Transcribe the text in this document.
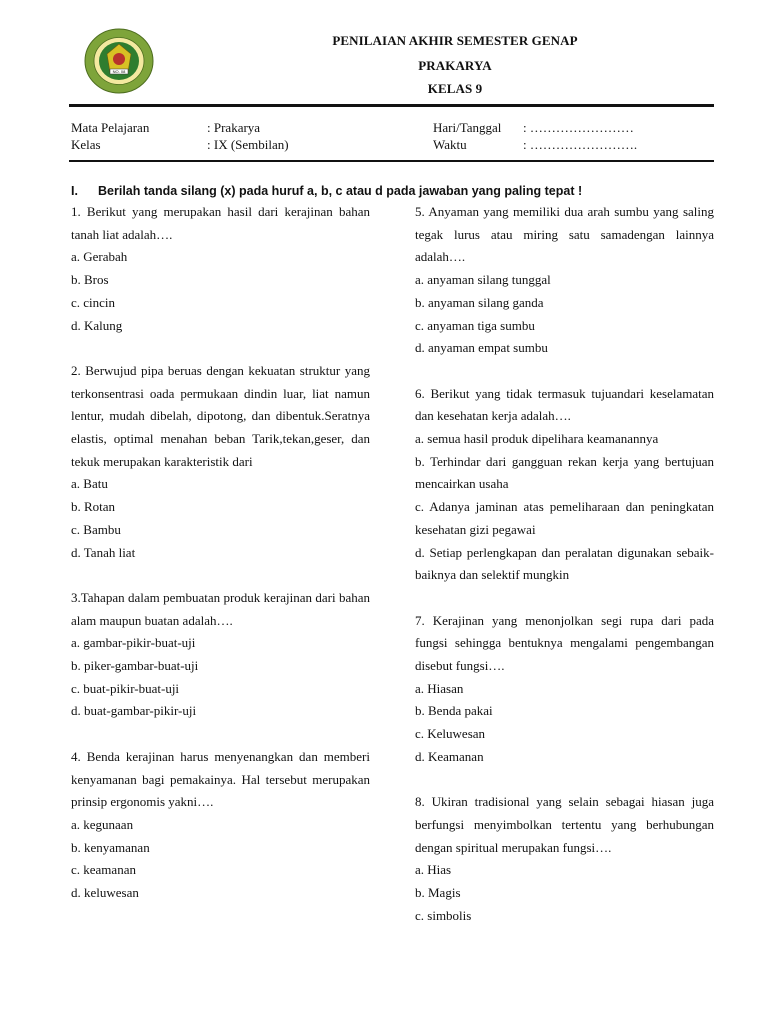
NO. 08
PENILAIAN AKHIR SEMESTER GENAP
PRAKARYA
KELAS 9
Mata Pelajaran	: Prakarya
Kelas	: IX (Sembilan)
Hari/Tanggal : ……………………
Waktu	: …………………….
I. Berilah tanda silang (x) pada huruf a, b, c atau d pada jawaban yang paling tepat !

1. Berikut yang merupakan hasil dari kerajinan bahan tanah liat adalah….

a. Gerabah

b. Bros

c. cincin

d. Kalung

2. Berwujud pipa beruas dengan kekuatan struktur yang terkonsentrasi oada permukaan dindin luar, liat namun lentur, mudah dibelah, dipotong, dan dibentuk.Seratnya elastis, optimal menahan beban Tarik,tekan,geser, dan tekuk merupakan karakteristik dari

a. Batu

b. Rotan

c. Bambu

d. Tanah liat

3.Tahapan dalam pembuatan produk kerajinan dari bahan alam maupun buatan adalah….

a. gambar-pikir-buat-uji

b. piker-gambar-buat-uji

c. buat-pikir-buat-uji

d. buat-gambar-pikir-uji

4. Benda kerajinan harus menyenangkan dan memberi kenyamanan bagi pemakainya. Hal tersebut merupakan prinsip ergonomis yakni….

a. kegunaan

b. kenyamanan

c. keamanan

d. keluwesan

5. Anyaman yang memiliki dua arah sumbu yang saling tegak lurus atau miring satu samadengan lainnya adalah….

a. anyaman silang tunggal

b. anyaman silang ganda

c. anyaman tiga sumbu

d. anyaman empat sumbu

6. Berikut yang tidak termasuk tujuandari keselamatan dan kesehatan kerja adalah….

a. semua hasil produk dipelihara keamanannya

b. Terhindar dari gangguan rekan kerja yang bertujuan mencairkan usaha

c. Adanya jaminan atas pemeliharaan dan peningkatan kesehatan gizi pegawai

d. Setiap perlengkapan dan peralatan digunakan sebaik-baiknya dan selektif mungkin

7. Kerajinan yang menonjolkan segi rupa dari pada fungsi sehingga bentuknya mengalami pengembangan disebut fungsi….

a. Hiasan

b. Benda pakai

c. Keluwesan

d. Keamanan

8. Ukiran tradisional yang selain sebagai hiasan juga berfungsi menyimbolkan tertentu yang berhubungan dengan spiritual merupakan fungsi….

a. Hias

b. Magis

c. simbolis
